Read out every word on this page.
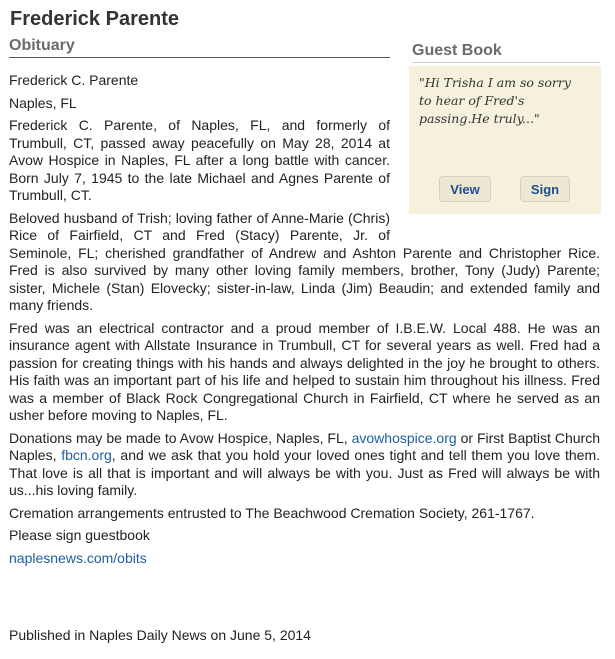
Frederick Parente
Obituary	Guest Book

"Hi Trisha I am so sorry to hear of Fred's passing.He truly..."

View	Sign

Frederick C. Parente

Naples, FL

Frederick C. Parente, of Naples, FL, and formerly of Trumbull, CT, passed away peacefully on May 28, 2014 at Avow Hospice in Naples, FL after a long battle with cancer. Born July 7, 1945 to the late Michael and Agnes Parente of Trumbull, CT.

Beloved husband of Trish; loving father of Anne-Marie (Chris) Rice of Fairfield, CT and Fred (Stacy) Parente, Jr. of Seminole, FL; cherished grandfather of Andrew and Ashton Parente and Christopher Rice. Fred is also survived by many other loving family members, brother, Tony (Judy) Parente; sister, Michele (Stan) Elovecky; sister-in-law, Linda (Jim) Beaudin; and extended family and many friends.

Fred was an electrical contractor and a proud member of I.B.E.W. Local 488. He was an insurance agent with Allstate Insurance in Trumbull, CT for several years as well. Fred had a passion for creating things with his hands and always delighted in the joy he brought to others. His faith was an important part of his life and helped to sustain him throughout his illness. Fred was a member of Black Rock Congregational Church in Fairfield, CT where he served as an usher before moving to Naples, FL.

Donations may be made to Avow Hospice, Naples, FL, avowhospice.org or First Baptist Church Naples, fbcn.org, and we ask that you hold your loved ones tight and tell them you love them. That love is all that is important and will always be with you. Just as Fred will always be with us...his loving family.

Cremation arrangements entrusted to The Beachwood Cremation Society, 261-1767.

Please sign guestbook

naplesnews.com/obits

Published in Naples Daily News on June 5, 2014
